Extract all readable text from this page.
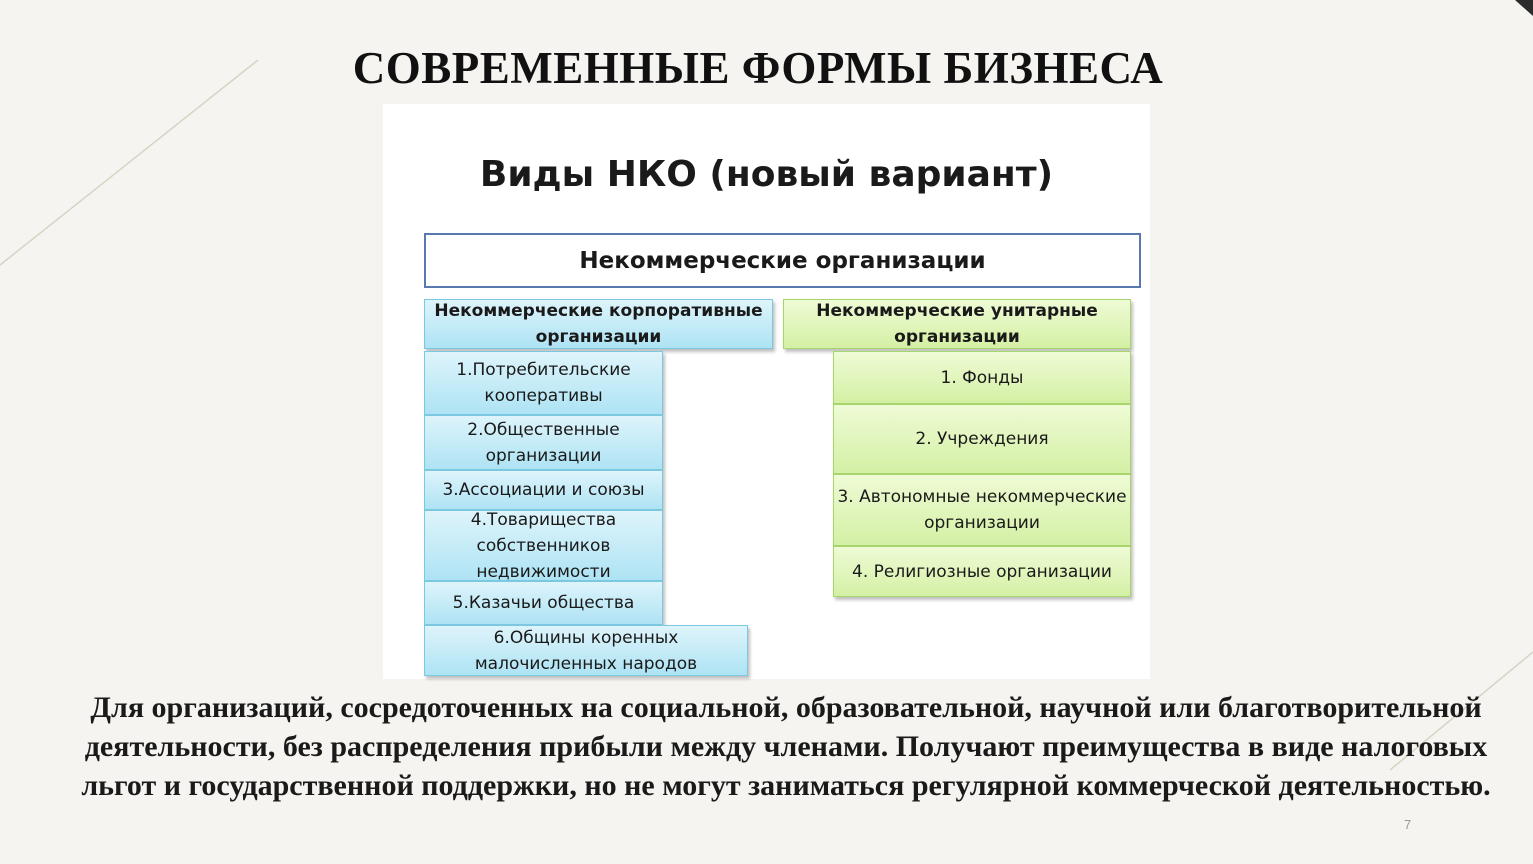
СОВРЕМЕННЫЕ ФОРМЫ БИЗНЕСА
Виды НКО (новый вариант)
Некоммерческие организации
Некоммерческие корпоративные организации
Некоммерческие унитарные организации
1.Потребительские кооперативы
2.Общественные организации
3.Ассоциации и союзы
4.Товарищества собственников недвижимости
5.Казачьи общества
6.Общины коренных малочисленных народов
1. Фонды
2. Учреждения
3. Автономные некоммерческие организации
4. Религиозные организации
Для организаций, сосредоточенных на социальной, образовательной, научной или благотворительной деятельности, без распределения прибыли между членами. Получают преимущества в виде налоговых льгот и государственной поддержки, но не могут заниматься регулярной коммерческой деятельностью.
7
